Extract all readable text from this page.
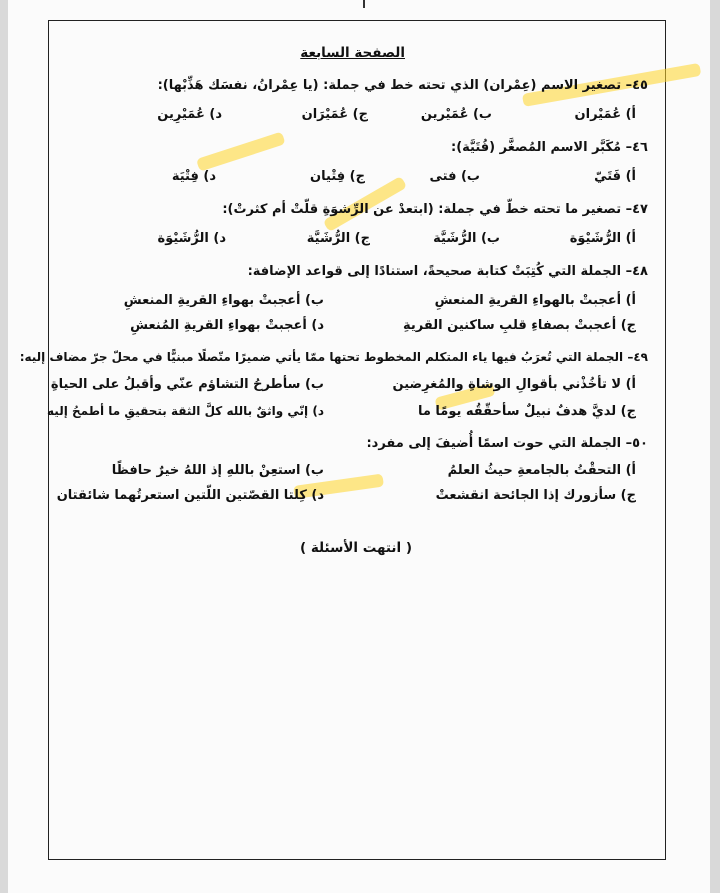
الصفحة السابعة
٤٥– تصغير الاسم (عِمْران) الذي تحته خط في جملة: (يا عِمْرانُ، نفسَك هَذِّبْها):
أ) عُمَيْران
ب) عُمَيْرين
ج) عُمَيْرَان
د) عُمَيْرِين
٤٦– مُكَبَّر الاسم المُصغَّر (فُتَيَّة):
أ) فَتَيّ
ب) فتى
ج) فِتْيان
د) فِتْيَة
٤٧– تصغير ما تحته خطّ في جملة: (ابتعدْ عن الرِّشوَةِ قلّتْ أم كثرتْ):
أ) الرُّشَيْوَة
ب) الرُّشَيَّة
ج) الرُّشَيَّة
د) الرُّشَيْوَة
٤٨– الجملة التي كُتِبَتْ كتابة صحيحةً، استنادًا إلى قواعد الإضافة:
أ) أعجبتْ بالهواءِ القريةِ المنعشِ
ب) أعجبتْ بهواءِ القريةِ المنعشِ
ج) أعجبتْ بصفاءِ قلبِ ساكنين القريةِ
د) أعجبتْ بهواءِ القريةِ المُنعشِ
٤٩– الجملة التي تُعرَبُ فيها ياء المتكلم المخطوط تحتها ممّا يأتي ضميرًا متّصلًا مبنيًّا في محلّ جرّ مضاف إليه:
أ) لا تأخُذْني بأقوالِ الوشاةِ والمُغرِضين
ب) سأطرحُ التشاؤم عنّي وأقبلُ على الحياةِ
ج) لديَّ هدفٌ نبيلٌ سأحقّقُه يومًا ما
د) إنّي واثقٌ بالله كلَّ الثقة بتحقيقِ ما أطمحُ إليه
٥٠– الجملة التي حوت اسمًا أُضيفَ إلى مفرد:
أ) التحقْتُ بالجامعةِ حيثُ العلمُ
ب) استعِنْ باللهِ إذ اللهُ خيرٌ حافظًا
ج) سأزورك إذا الجائحة انقشعتْ
د) كِلتا القصّتين اللّتين استعرتُهما شائقتان
( انتهت الأسئلة )
